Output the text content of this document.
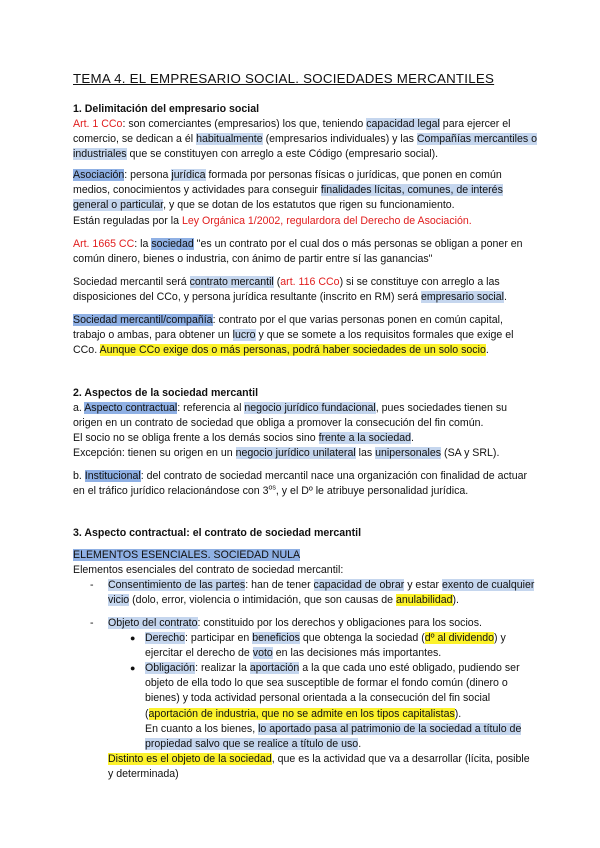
TEMA 4. EL EMPRESARIO SOCIAL. SOCIEDADES MERCANTILES

1. Delimitación del empresario social

Art. 1 CCo: son comerciantes (empresarios) los que, teniendo capacidad legal para ejercer el comercio, se dedican a él habitualmente (empresarios individuales) y las Compañías mercantiles o industriales que se constituyen con arreglo a este Código (empresario social).

Asociación: persona jurídica formada por personas físicas o jurídicas, que ponen en común medios, conocimientos y actividades para conseguir finalidades lícitas, comunes, de interés general o particular, y que se dotan de los estatutos que rigen su funcionamiento.

Están reguladas por la Ley Orgánica 1/2002, regulardora del Derecho de Asociación.

Art. 1665 CC: la sociedad "es un contrato por el cual dos o más personas se obligan a poner en común dinero, bienes o industria, con ánimo de partir entre sí las ganancias"

Sociedad mercantil será contrato mercantil (art. 116 CCo) si se constituye con arreglo a las disposiciones del CCo, y persona jurídica resultante (inscrito en RM) será empresario social.

Sociedad mercantil/compañía: contrato por el que varias personas ponen en común capital, trabajo o ambas, para obtener un lucro y que se somete a los requisitos formales que exige el CCo. Aunque CCo exige dos o más personas, podrá haber sociedades de un solo socio.

2. Aspectos de la sociedad mercantil

a. Aspecto contractual: referencia al negocio jurídico fundacional, pues sociedades tienen su origen en un contrato de sociedad que obliga a promover la consecución del fin común.

El socio no se obliga frente a los demás socios sino frente a la sociedad.

Excepción: tienen su origen en un negocio jurídico unilateral las unipersonales (SA y SRL).

b. Institucional: del contrato de sociedad mercantil nace una organización con finalidad de actuar en el tráfico jurídico relacionándose con $3^{os}$, y el Dº le atribuye personalidad jurídica.

3. Aspecto contractual: el contrato de sociedad mercantil

ELEMENTOS ESENCIALES. SOCIEDAD NULA

Elementos esenciales del contrato de sociedad mercantil:

- Consentimiento de las partes: han de tener capacidad de obrar y estar exento de cualquier vicio (dolo, error, violencia o intimidación, que son causas de anulabilidad).

- Objeto del contrato: constituido por los derechos y obligaciones para los socios.

● Derecho: participar en beneficios que obtenga la sociedad (dº al dividendo) y ejercitar el derecho de voto en las decisiones más importantes.

● Obligación: realizar la aportación a la que cada uno esté obligado, pudiendo ser objeto de ella todo lo que sea susceptible de formar el fondo común (dinero o bienes) y toda actividad personal orientada a la consecución del fin social (aportación de industria, que no se admite en los tipos capitalistas).

En cuanto a los bienes, lo aportado pasa al patrimonio de la sociedad a título de propiedad salvo que se realice a título de uso.

Distinto es el objeto de la sociedad, que es la actividad que va a desarrollar (lícita, posible y determinada)
